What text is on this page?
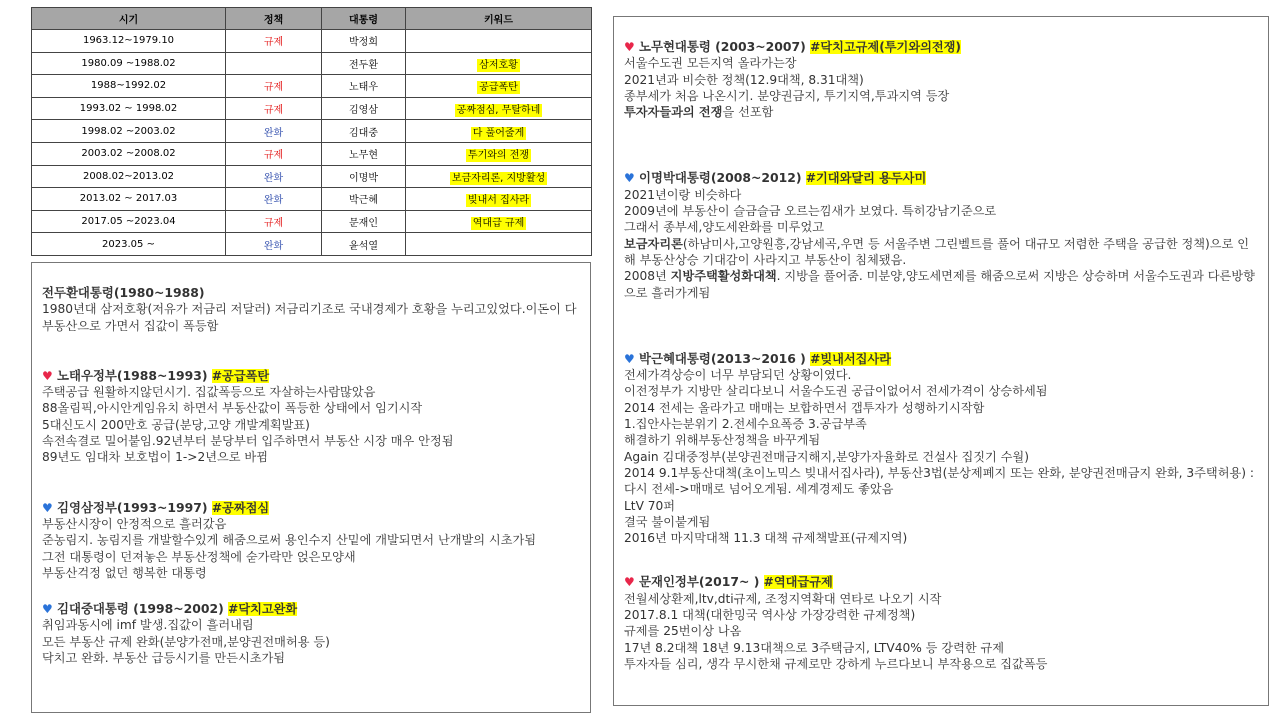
시기	정책	대통령	키워드
1963.12~1979.10	규제	박정희	
1980.09 ~1988.02		전두환	삼저호황
1988~1992.02	규제	노태우	공급폭탄
1993.02 ~ 1998.02	규제	김영삼	공짜점심, 무탈하네
1998.02 ~2003.02	완화	김대중	다 풀어줄게
2003.02 ~2008.02	규제	노무현	투기와의 전쟁
2008.02~2013.02	완화	이명박	보금자리론, 지방활성
2013.02 ~ 2017.03	완화	박근혜	빚내서 집사라
2017.05 ~2023.04	규제	문재인	역대급 규제
2023.05 ~	완화	윤석열	
전두환대통령(1980~1988)
1980년대 삼저호황(저유가 저금리 저달러) 저금리기조로 국내경제가 호황을 누리고있었다.이돈이 다 부동산으로 가면서 집값이 폭등함
♥ 노태우정부(1988~1993) #공급폭탄
주택공급 원활하지않던시기. 집값폭등으로 자살하는사람많았음
88올림픽,아시안게임유치 하면서 부동산값이 폭등한 상태에서 임기시작
5대신도시 200만호 공급(분당,고양 개발계획발표)
속전속결로 밀어붙임.92년부터 분당부터 입주하면서 부동산 시장 매우 안정됨
89년도 임대차 보호법이 1->2년으로 바뀜
♥ 김영삼정부(1993~1997) #공짜점심
부동산시장이 안정적으로 흘러갔음
준농림지. 농림지를 개발할수있게 해줌으로써 용인수지 산밑에 개발되면서 난개발의 시초가됨
그전 대통령이 던져놓은 부동산정책에 숟가락만 얹은모양새
부동산걱정 없던 행복한 대통령
♥ 김대중대통령 (1998~2002) #닥치고완화
취임과동시에 imf 발생.집값이 흘러내림
모든 부동산 규제 완화(분양가전매,분양권전매허용 등)
닥치고 완화. 부동산 급등시기를 만든시초가됨
♥ 노무현대통령 (2003~2007) #닥치고규제(투기와의전쟁)
서울수도권 모든지역 올라가는장
2021년과 비슷한 정책(12.9대책, 8.31대책)
종부세가 처음 나온시기. 분양권금지, 투기지역,투과지역 등장
투자자들과의 전쟁을 선포함
♥ 이명박대통령(2008~2012) #기대와달리 용두사미
2021년이랑 비슷하다
2009년에 부동산이 슬금슬금 오르는낌새가 보였다. 특히강남기준으로
그래서 종부세,양도세완화를 미루었고
보금자리론(하남미사,고양원흥,강남세곡,우면 등 서울주변 그린벨트를 풀어 대규모 저렴한 주택을 공급한 정책)으로 인해 부동산상승 기대감이 사라지고 부동산이 침체됐음.
2008년 지방주택활성화대책. 지방을 풀어줌. 미분양,양도세면제를 해줌으로써 지방은 상승하며 서울수도권과 다른방향으로 흘러가게됨
♥ 박근혜대통령(2013~2016 ) #빚내서집사라
전세가격상승이 너무 부담되던 상황이였다.
이전정부가 지방만 살리다보니 서울수도권 공급이없어서 전세가격이 상승하세됨
2014 전세는 올라가고 매매는 보합하면서 갭투자가 성행하기시작함
1.집안사는분위기 2.전세수요폭증 3.공급부족
해결하기 위해부동산정책을 바꾸게됨
Again 김대중정부(분양권전매금지해지,분양가자율화로 건설사 집짓기 수월)
2014 9.1부동산대책(초이노믹스 빚내서집사라), 부동산3법(분상제폐지 또는 완화, 분양권전매금지 완화, 3주택허용) : 다시 전세->매매로 넘어오게됨. 세계경제도 좋았음
LtV 70퍼
결국 불이붙게됨
2016년 마지막대책 11.3 대책 규제책발표(규제지역)
♥ 문재인정부(2017~ ) #역대급규제
전월세상환제,ltv,dti규제, 조정지역확대 연타로 나오기 시작
2017.8.1 대책(대한밍국 역사상 가장강력한 규제정책)
규제를 25번이상 나옴
17년 8.2대책 18년 9.13대책으로 3주택금지, LTV40% 등 강력한 규제
투자자들 심리, 생각 무시한채 규제로만 강하게 누르다보니 부작용으로 집값폭등
